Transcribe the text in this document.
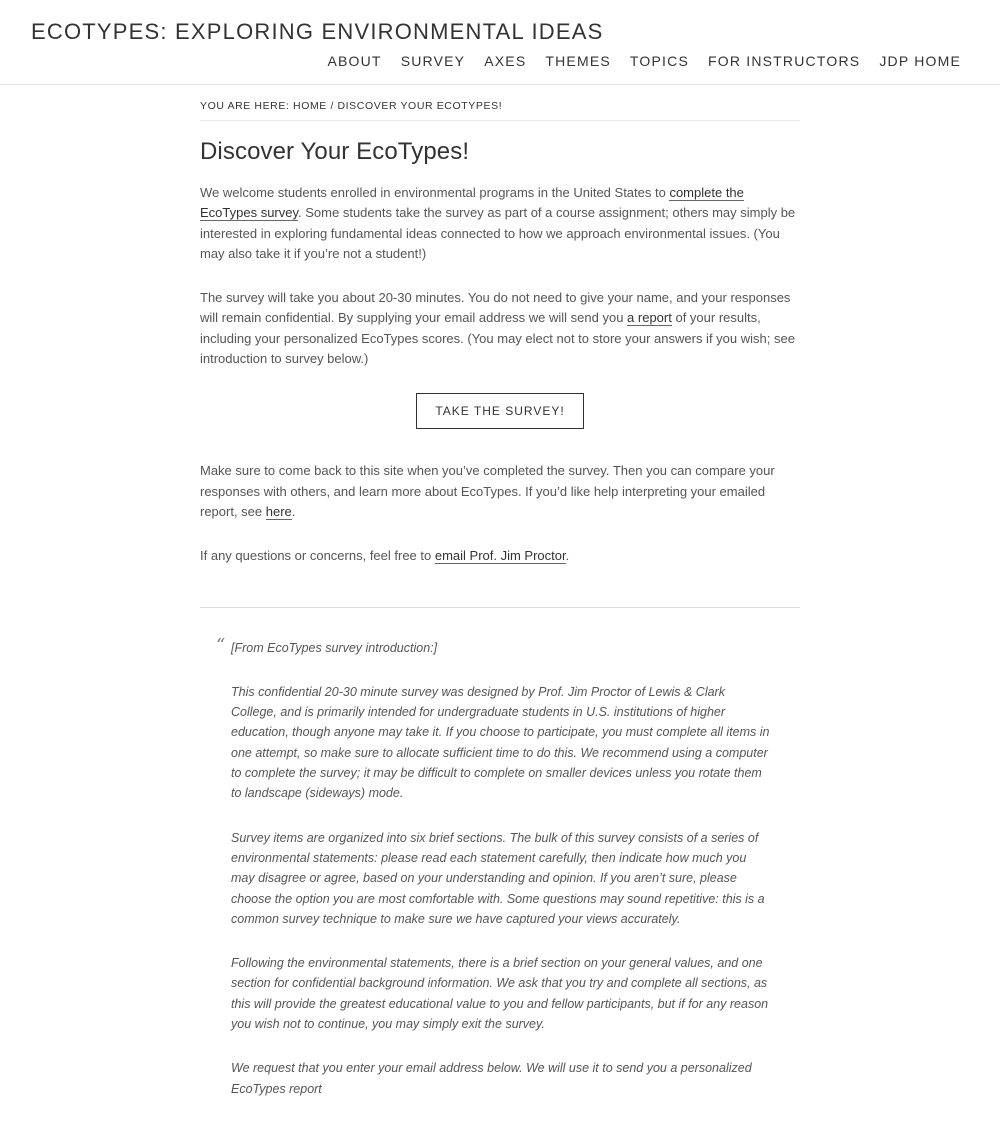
ECOTYPES: EXPLORING ENVIRONMENTAL IDEAS
ABOUT SURVEY AXES THEMES TOPICS FOR INSTRUCTORS JDP HOME
YOU ARE HERE: HOME / DISCOVER YOUR ECOTYPES!
Discover Your EcoTypes!

We welcome students enrolled in environmental programs in the United States to complete the EcoTypes survey. Some students take the survey as part of a course assignment; others may simply be interested in exploring fundamental ideas connected to how we approach environmental issues. (You may also take it if you’re not a student!)

The survey will take you about 20-30 minutes. You do not need to give your name, and your responses will remain confidential. By supplying your email address we will send you a report of your results, including your personalized EcoTypes scores. (You may elect not to store your answers if you wish; see introduction to survey below.)

TAKE THE SURVEY!

Make sure to come back to this site when you’ve completed the survey. Then you can compare your responses with others, and learn more about EcoTypes. If you’d like help interpreting your emailed report, see here.

If any questions or concerns, feel free to email Prof. Jim Proctor.

“ [From EcoTypes survey introduction:]

This confidential 20-30 minute survey was designed by Prof. Jim Proctor of Lewis & Clark College, and is primarily intended for undergraduate students in U.S. institutions of higher education, though anyone may take it. If you choose to participate, you must complete all items in one attempt, so make sure to allocate sufficient time to do this. We recommend using a computer to complete the survey; it may be difficult to complete on smaller devices unless you rotate them to landscape (sideways) mode.

Survey items are organized into six brief sections. The bulk of this survey consists of a series of environmental statements: please read each statement carefully, then indicate how much you may disagree or agree, based on your understanding and opinion. If you aren’t sure, please choose the option you are most comfortable with. Some questions may sound repetitive: this is a common survey technique to make sure we have captured your views accurately.

Following the environmental statements, there is a brief section on your general values, and one section for confidential background information. We ask that you try and complete all sections, as this will provide the greatest educational value to you and fellow participants, but if for any reason you wish not to continue, you may simply exit the survey.

We request that you enter your email address below. We will use it to send you a personalized EcoTypes report
